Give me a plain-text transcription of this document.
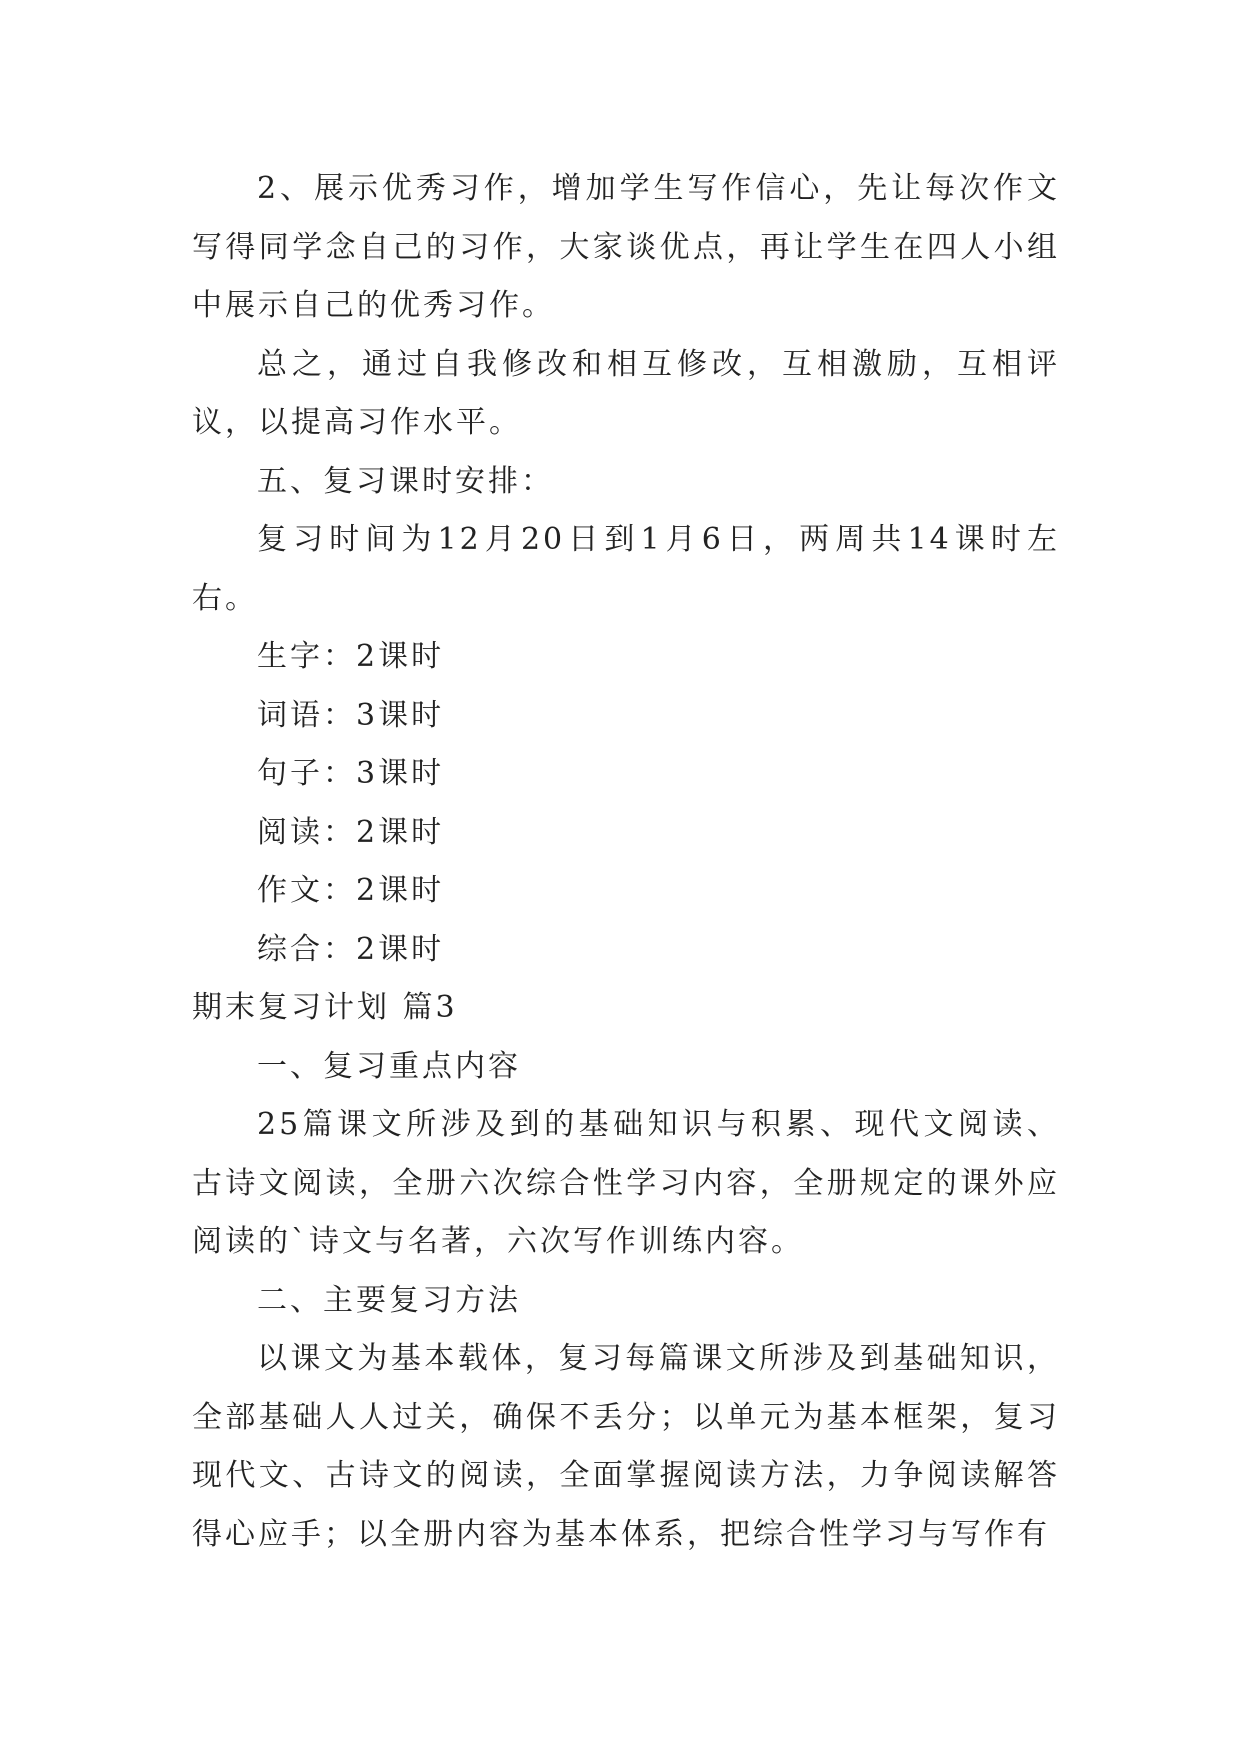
2、展示优秀习作，增加学生写作信心，先让每次作文写得同学念自己的习作，大家谈优点，再让学生在四人小组中展示自己的优秀习作。

总之，通过自我修改和相互修改，互相激励，互相评议，以提高习作水平。

五、复习课时安排：

复习时间为12月20日到1月6日，两周共14课时左右。

生字：2课时

词语：3课时

句子：3课时

阅读：2课时

作文：2课时

综合：2课时

期末复习计划 篇3

一、复习重点内容

25篇课文所涉及到的基础知识与积累、现代文阅读、古诗文阅读，全册六次综合性学习内容，全册规定的课外应阅读的`诗文与名著，六次写作训练内容。

二、主要复习方法

以课文为基本载体，复习每篇课文所涉及到基础知识，全部基础人人过关，确保不丢分；以单元为基本框架，复习现代文、古诗文的阅读，全面掌握阅读方法，力争阅读解答得心应手；以全册内容为基本体系，把综合性学习与写作有
